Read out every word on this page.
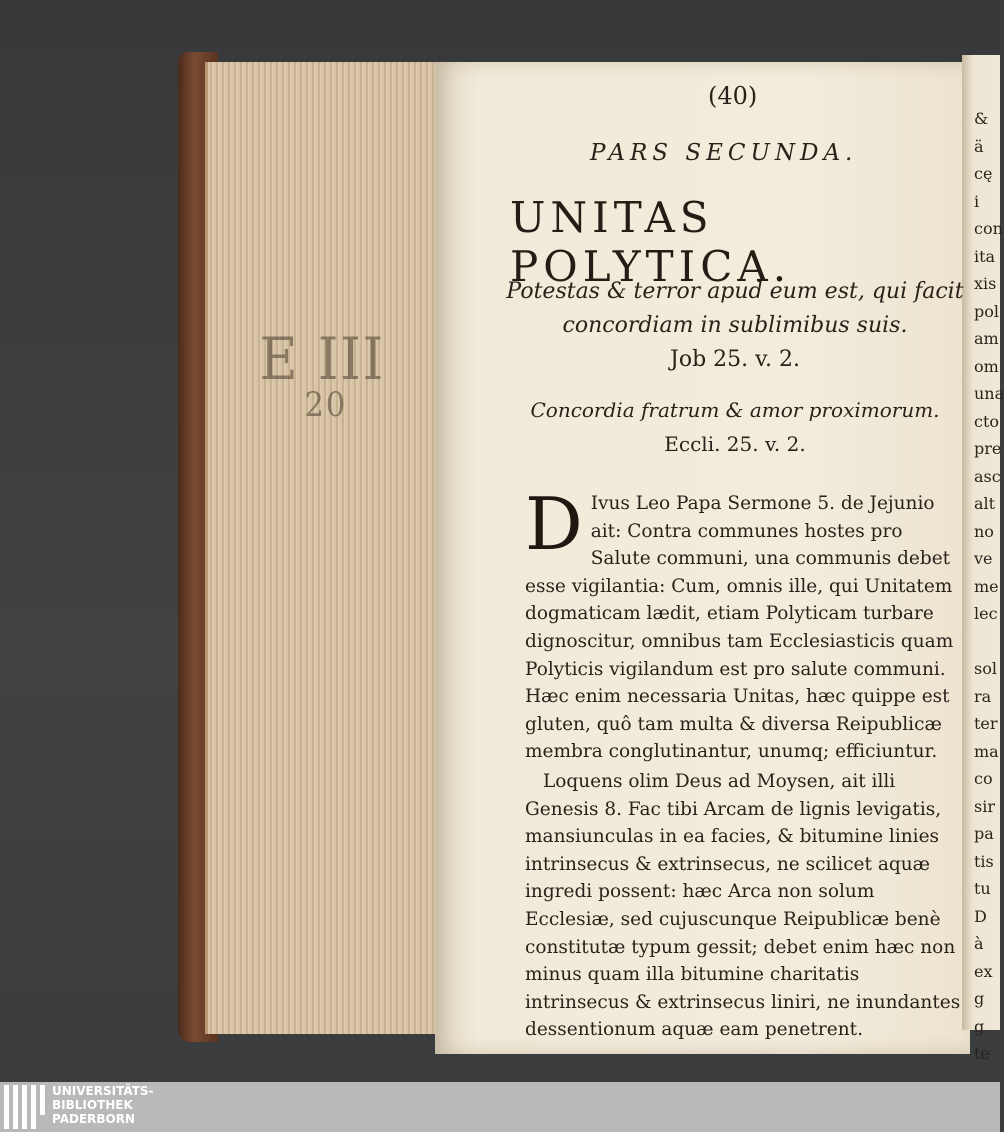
E III
20
& ä
cę i
con
ita
xis
pol
am
om
una
cto
pre
asc
alt
no
ve
me
lec

sol
ra
ter
ma
co
sir
pa
tis
tu
D
à
ex
g
g
te
(40)
PARS SECUNDA.
UNITAS POLYTICA.
Potestas & terror apud eum est, qui facit concordiam in sublimibus suis.
Job 25. v. 2.
Concordia fratrum & amor proximorum.
Eccli. 25. v. 2.

D Ivus Leo Papa Sermone 5. de Jejunio ait: Contra communes hostes pro Salute communi, una communis debet esse vigilantia: Cum, omnis ille, qui Unitatem dogmaticam lædit, etiam Polyticam turbare dignoscitur, omnibus tam Ecclesiasticis quam Polyticis vigilandum est pro salute communi. Hæc enim necessaria Unitas, hæc quippe est gluten, quô tam multa & diversa Reipublicæ membra conglutinantur, unumq; efficiuntur.

Loquens olim Deus ad Moysen, ait illi Genesis 8. Fac tibi Arcam de lignis levigatis, mansiunculas in ea facies, & bitumine linies intrinsecus & extrinsecus, ne scilicet aquæ ingredi possent: hæc Arca non solum Ecclesiæ, sed cujuscunque Reipublicæ benè constitutæ typum gessit; debet enim hæc non minus quam illa bitumine charitatis intrinsecus & extrinsecus liniri, ne inundantes dessentionum aquæ eam penetrent.

UNIVERSITÄTS-
BIBLIOTHEK
PADERBORN
